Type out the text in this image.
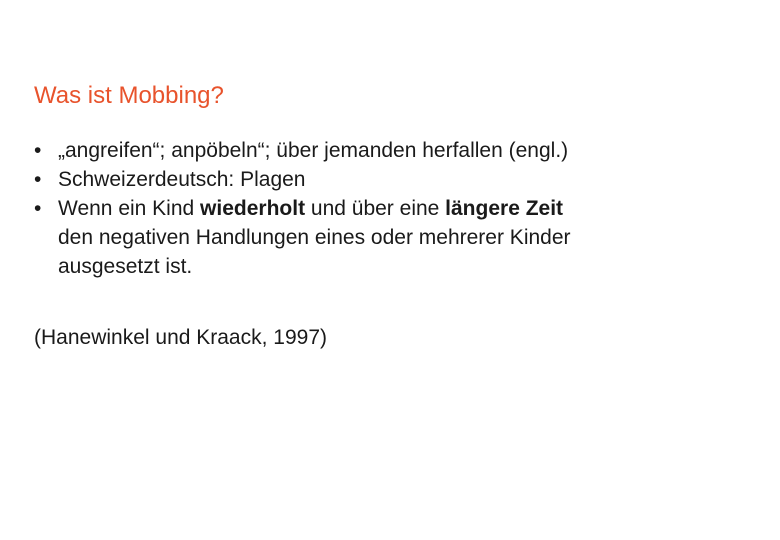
Was ist Mobbing?
• „angreifen“; anpöbeln“; über jemanden herfallen (engl.)
• Schweizerdeutsch: Plagen
• Wenn ein Kind wiederholt und über eine längere Zeit
den negativen Handlungen eines oder mehrerer Kinder
ausgesetzt ist.
(Hanewinkel und Kraack, 1997)
